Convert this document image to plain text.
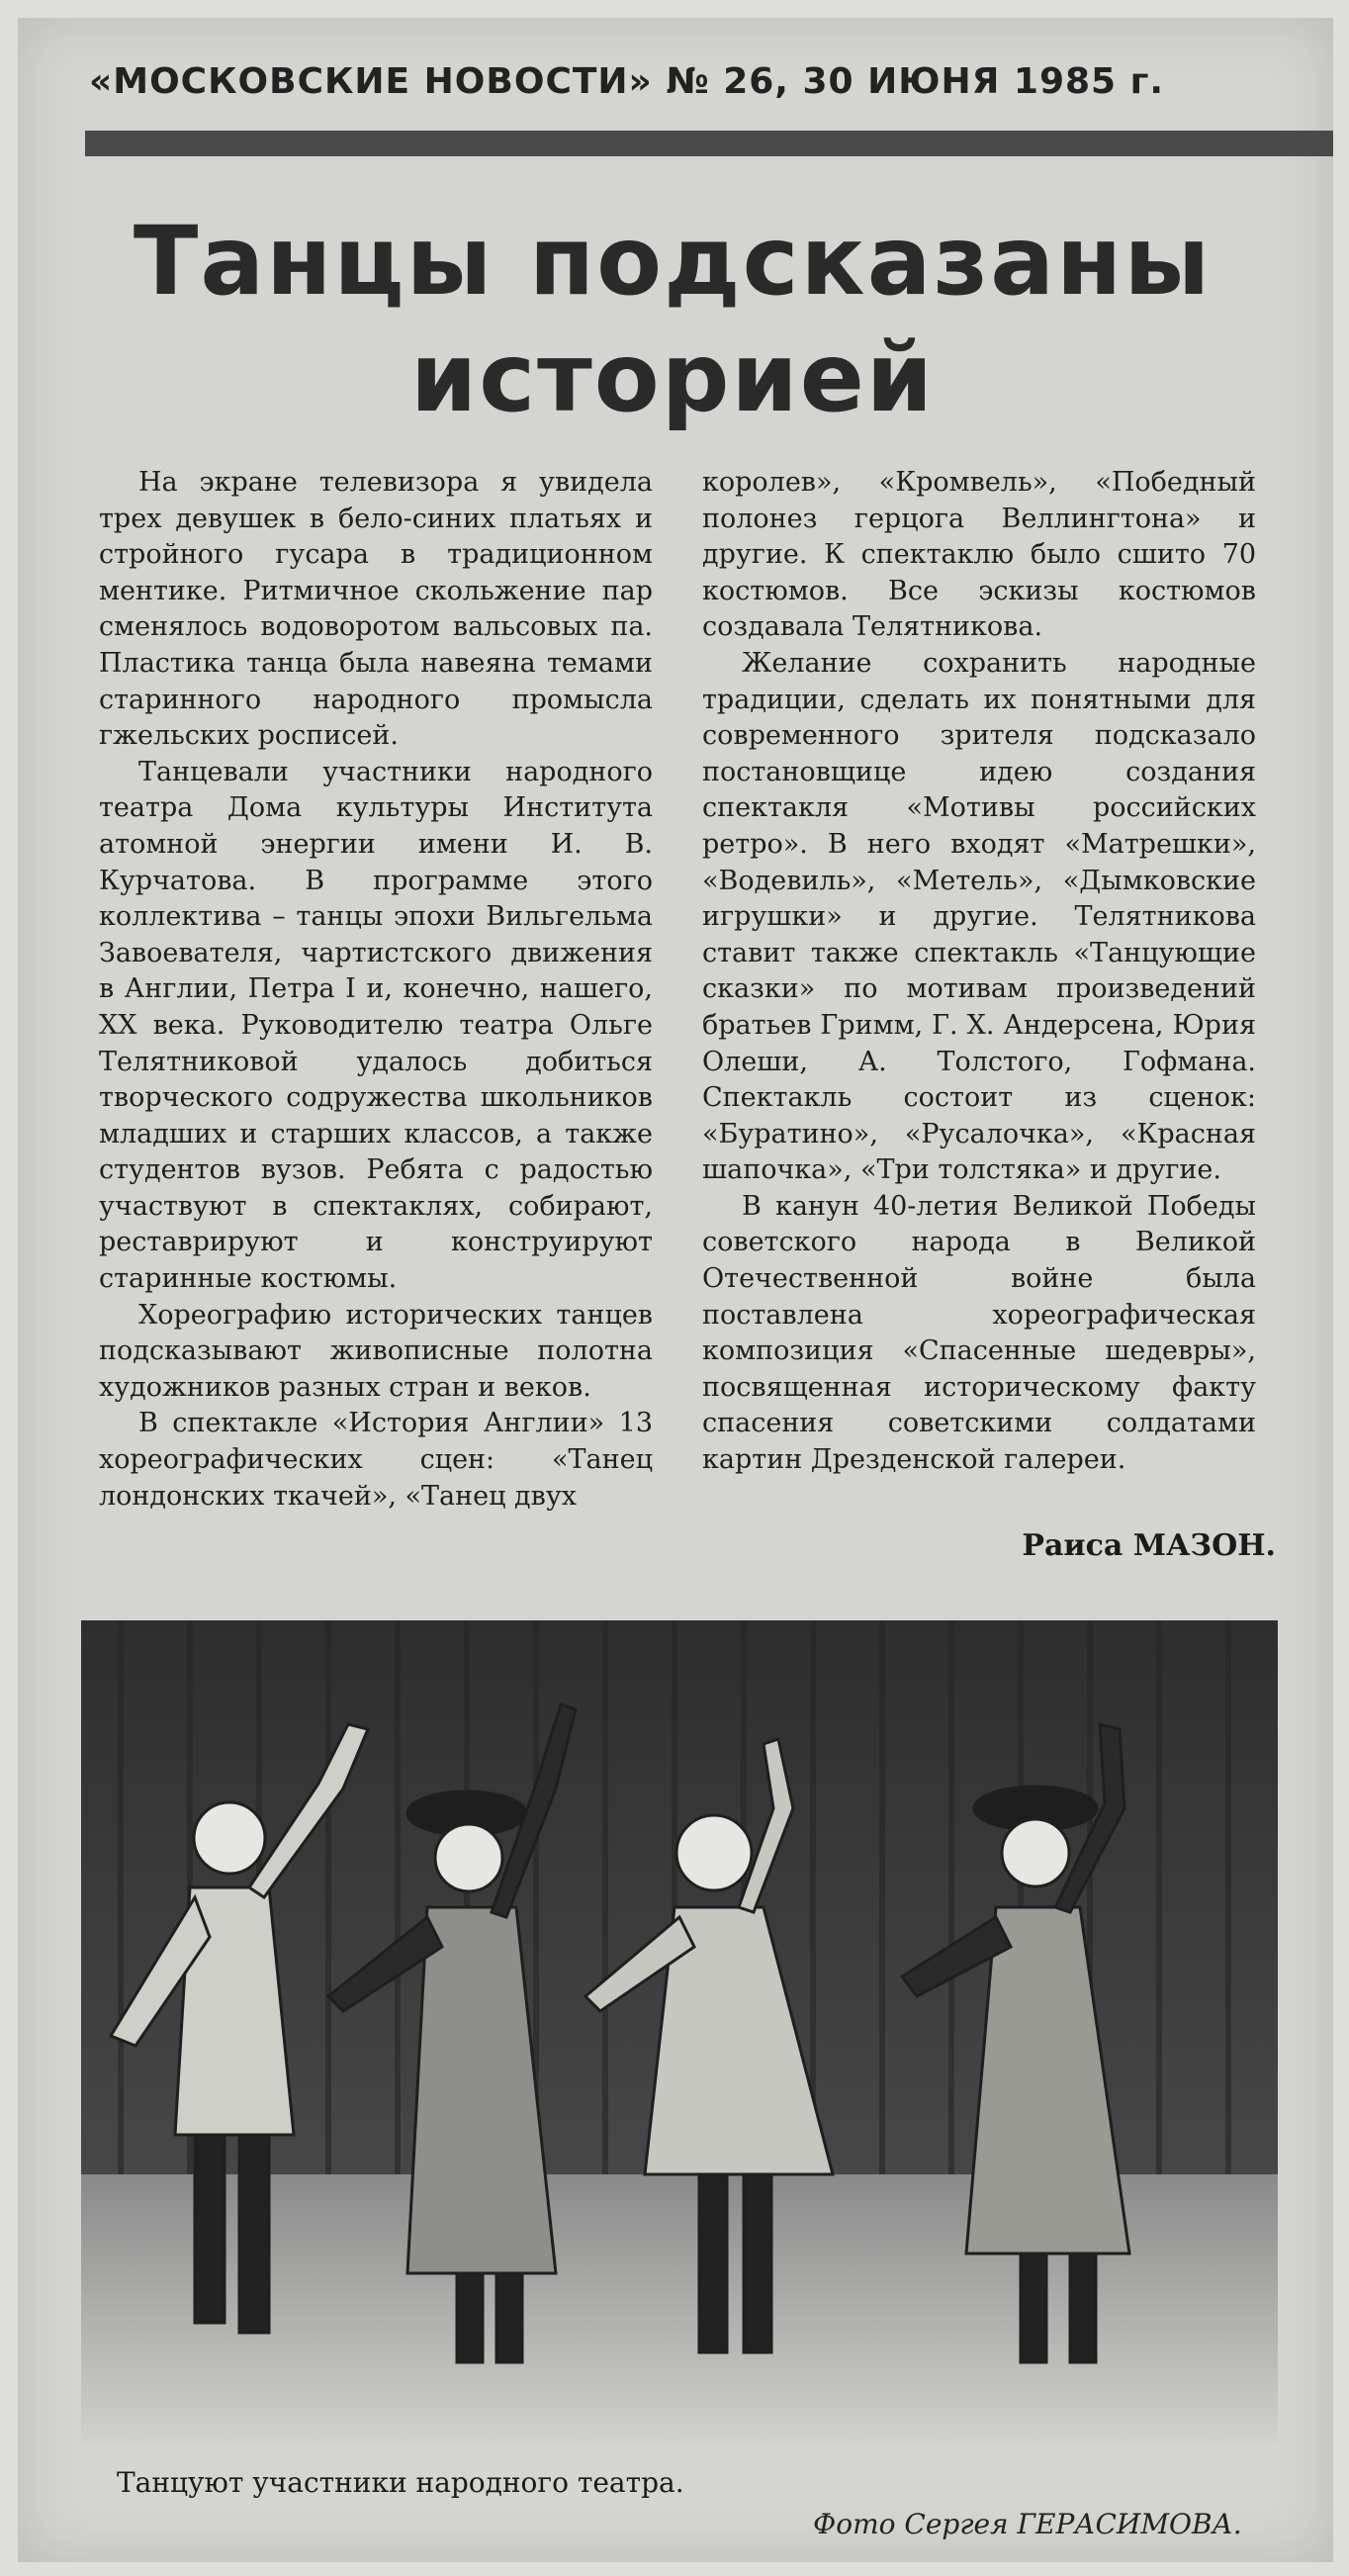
«МОСКОВСКИЕ НОВОСТИ» № 26, 30 ИЮНЯ 1985 г.
Танцы подсказаны
историей

На экране телевизора я увидела трех девушек в бело-синих платьях и стройного гусара в традиционном ментике. Ритмичное скольжение пар сменялось водоворотом вальсовых па. Пластика танца была навеяна темами старинного народного промысла гжельских росписей.

Танцевали участники народного театра Дома культуры Института атомной энергии имени И. В. Курчатова. В программе этого коллектива – танцы эпохи Вильгельма Завоевателя, чартистского движения в Англии, Петра I и, конечно, нашего, XX века. Руководителю театра Ольге Телятниковой удалось добиться творческого содружества школьников младших и старших классов, а также студентов вузов. Ребята с радостью участвуют в спектаклях, собирают, реставрируют и конструируют старинные костюмы.

Хореографию исторических танцев подсказывают живописные полотна художников разных стран и веков.

В спектакле «История Англии» 13 хореографических сцен: «Танец лондонских ткачей», «Танец двух

королев», «Кромвель», «Победный полонез герцога Веллингтона» и другие. К спектаклю было сшито 70 костюмов. Все эскизы костюмов создавала Телятникова.

Желание сохранить народные традиции, сделать их понятными для современного зрителя подсказало постановщице идею создания спектакля «Мотивы российских ретро». В него входят «Матрешки», «Водевиль», «Метель», «Дымковские игрушки» и другие. Телятникова ставит также спектакль «Танцующие сказки» по мотивам произведений братьев Гримм, Г. Х. Андерсена, Юрия Олеши, А. Толстого, Гофмана. Спектакль состоит из сценок: «Буратино», «Русалочка», «Красная шапочка», «Три толстяка» и другие.

В канун 40-летия Великой Победы советского народа в Великой Отечественной войне была поставлена хореографическая композиция «Спасенные шедевры», посвященная историческому факту спасения советскими солдатами картин Дрезденской галереи.

Раиса МАЗОН.
Танцуют участники народного театра.
Фото Сергея ГЕРАСИМОВА.
